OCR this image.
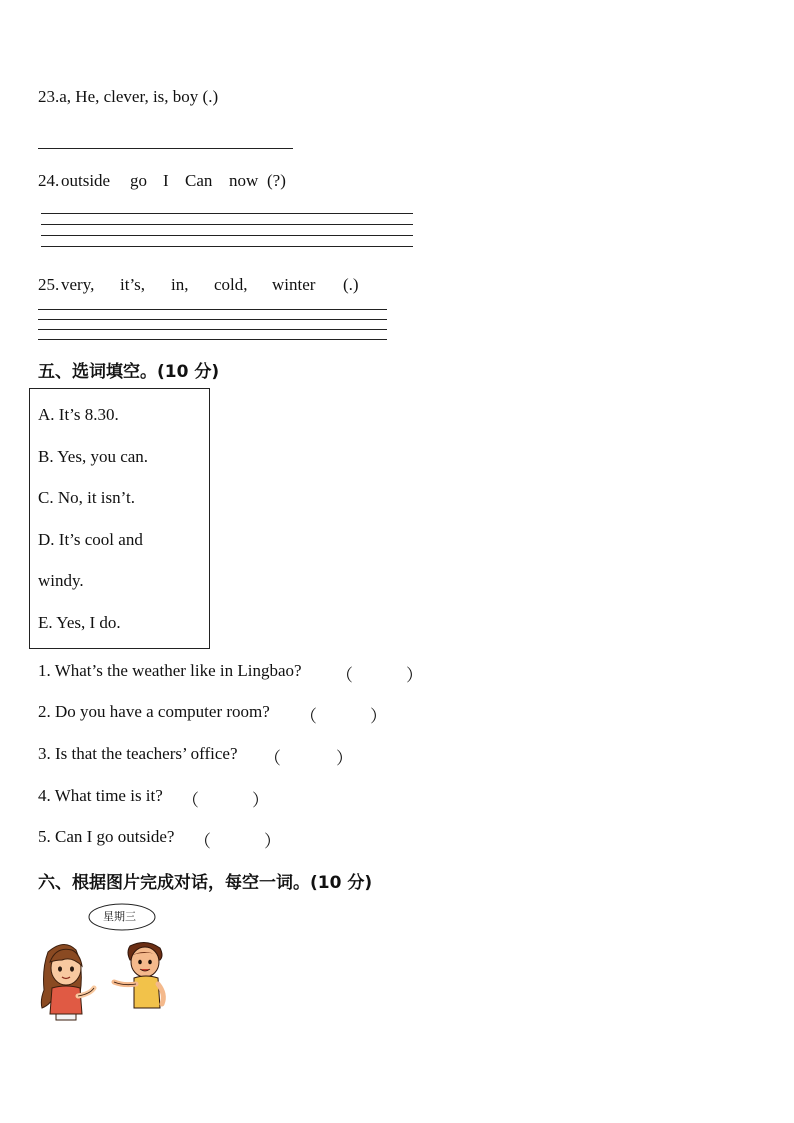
23.a, He, clever, is, boy (.)
24. outside go I Can now (?)
25. very, it’s, in, cold, winter (.)
五、选词填空。(10 分)
A. It’s 8.30.
B. Yes, you can.
C. No, it isn’t.
D. It’s cool and
windy.
E. Yes, I do.
1. What’s the weather like in Lingbao? （	）
2. Do you have a computer room? （	）
3. Is that the teachers’ office? （	）
4. What time is it? （	）
5. Can I go outside? （	）
六、根据图片完成对话，每空一词。(10 分)
星期三
